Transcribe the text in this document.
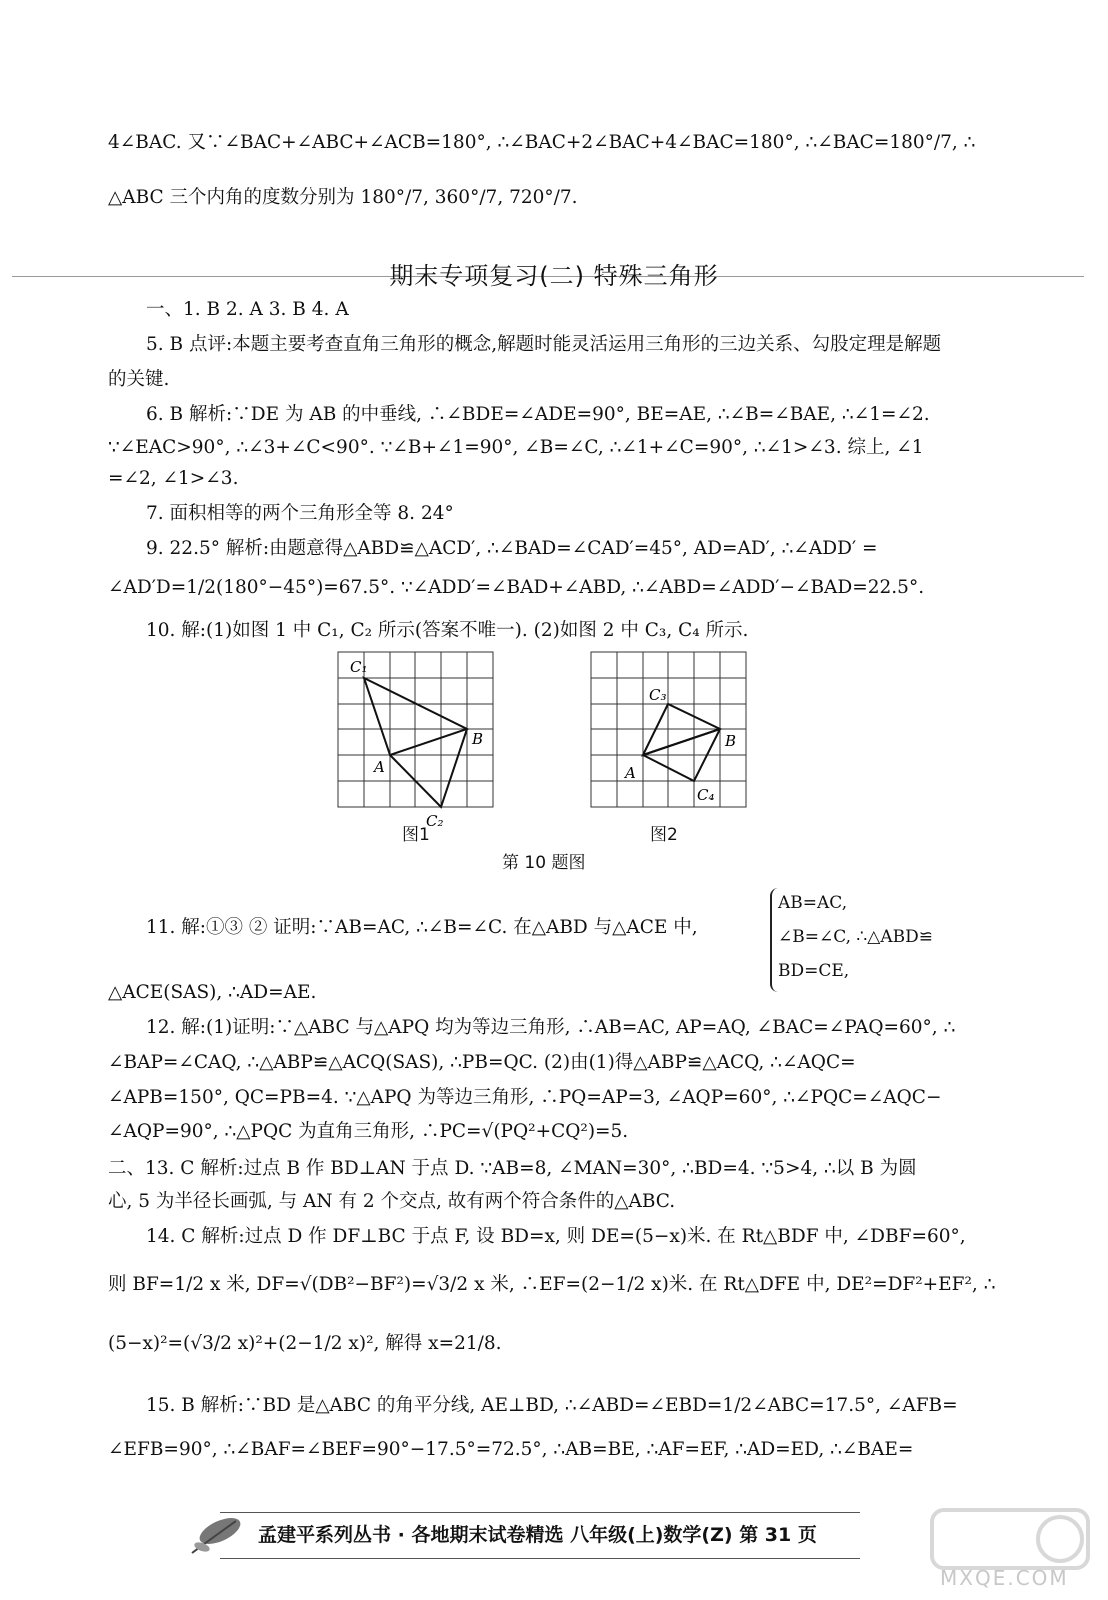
4∠BAC. 又∵∠BAC+∠ABC+∠ACB=180°, ∴∠BAC+2∠BAC+4∠BAC=180°, ∴∠BAC=180°/7, ∴
△ABC 三个内角的度数分别为 180°/7, 360°/7, 720°/7.
期末专项复习(二) 特殊三角形
一、1. B 2. A 3. B 4. A
5. B 点评:本题主要考查直角三角形的概念,解题时能灵活运用三角形的三边关系、勾股定理是解题
的关键.
6. B 解析:∵DE 为 AB 的中垂线, ∴∠BDE=∠ADE=90°, BE=AE, ∴∠B=∠BAE, ∴∠1=∠2.
∵∠EAC>90°, ∴∠3+∠C<90°. ∵∠B+∠1=90°, ∠B=∠C, ∴∠1+∠C=90°, ∴∠1>∠3. 综上, ∠1
=∠2, ∠1>∠3.
7. 面积相等的两个三角形全等 8. 24°
9. 22.5° 解析:由题意得△ABD≌△ACD′, ∴∠BAD=∠CAD′=45°, AD=AD′, ∴∠ADD′ =
∠AD′D=1/2(180°−45°)=67.5°. ∵∠ADD′=∠BAD+∠ABD, ∴∠ABD=∠ADD′−∠BAD=22.5°.
10. 解:(1)如图 1 中 C₁, C₂ 所示(答案不唯一). (2)如图 2 中 C₃, C₄ 所示.
C₁
A
B
C₂
图1
C₃
A
B
C₄
图2
第 10 题图
11. 解:①③ ② 证明:∵AB=AC, ∴∠B=∠C. 在△ABD 与△ACE 中,
AB=AC,
∠B=∠C, ∴△ABD≌
BD=CE,
△ACE(SAS), ∴AD=AE.
12. 解:(1)证明:∵△ABC 与△APQ 均为等边三角形, ∴AB=AC, AP=AQ, ∠BAC=∠PAQ=60°, ∴
∠BAP=∠CAQ, ∴△ABP≌△ACQ(SAS), ∴PB=QC. (2)由(1)得△ABP≌△ACQ, ∴∠AQC=
∠APB=150°, QC=PB=4. ∵△APQ 为等边三角形, ∴PQ=AP=3, ∠AQP=60°, ∴∠PQC=∠AQC−
∠AQP=90°, ∴△PQC 为直角三角形, ∴PC=√(PQ²+CQ²)=5.
二、13. C 解析:过点 B 作 BD⊥AN 于点 D. ∵AB=8, ∠MAN=30°, ∴BD=4. ∵5>4, ∴以 B 为圆
心, 5 为半径长画弧, 与 AN 有 2 个交点, 故有两个符合条件的△ABC.
14. C 解析:过点 D 作 DF⊥BC 于点 F, 设 BD=x, 则 DE=(5−x)米. 在 Rt△BDF 中, ∠DBF=60°,
则 BF=1/2 x 米, DF=√(DB²−BF²)=√3/2 x 米, ∴EF=(2−1/2 x)米. 在 Rt△DFE 中, DE²=DF²+EF², ∴
(5−x)²=(√3/2 x)²+(2−1/2 x)², 解得 x=21/8.
15. B 解析:∵BD 是△ABC 的角平分线, AE⊥BD, ∴∠ABD=∠EBD=1/2∠ABC=17.5°, ∠AFB=
∠EFB=90°, ∴∠BAF=∠BEF=90°−17.5°=72.5°, ∴AB=BE, ∴AF=EF, ∴AD=ED, ∴∠BAE=
孟建平系列丛书 · 各地期末试卷精选 八年级(上)数学(Z) 第 31 页
MXQE.COM
